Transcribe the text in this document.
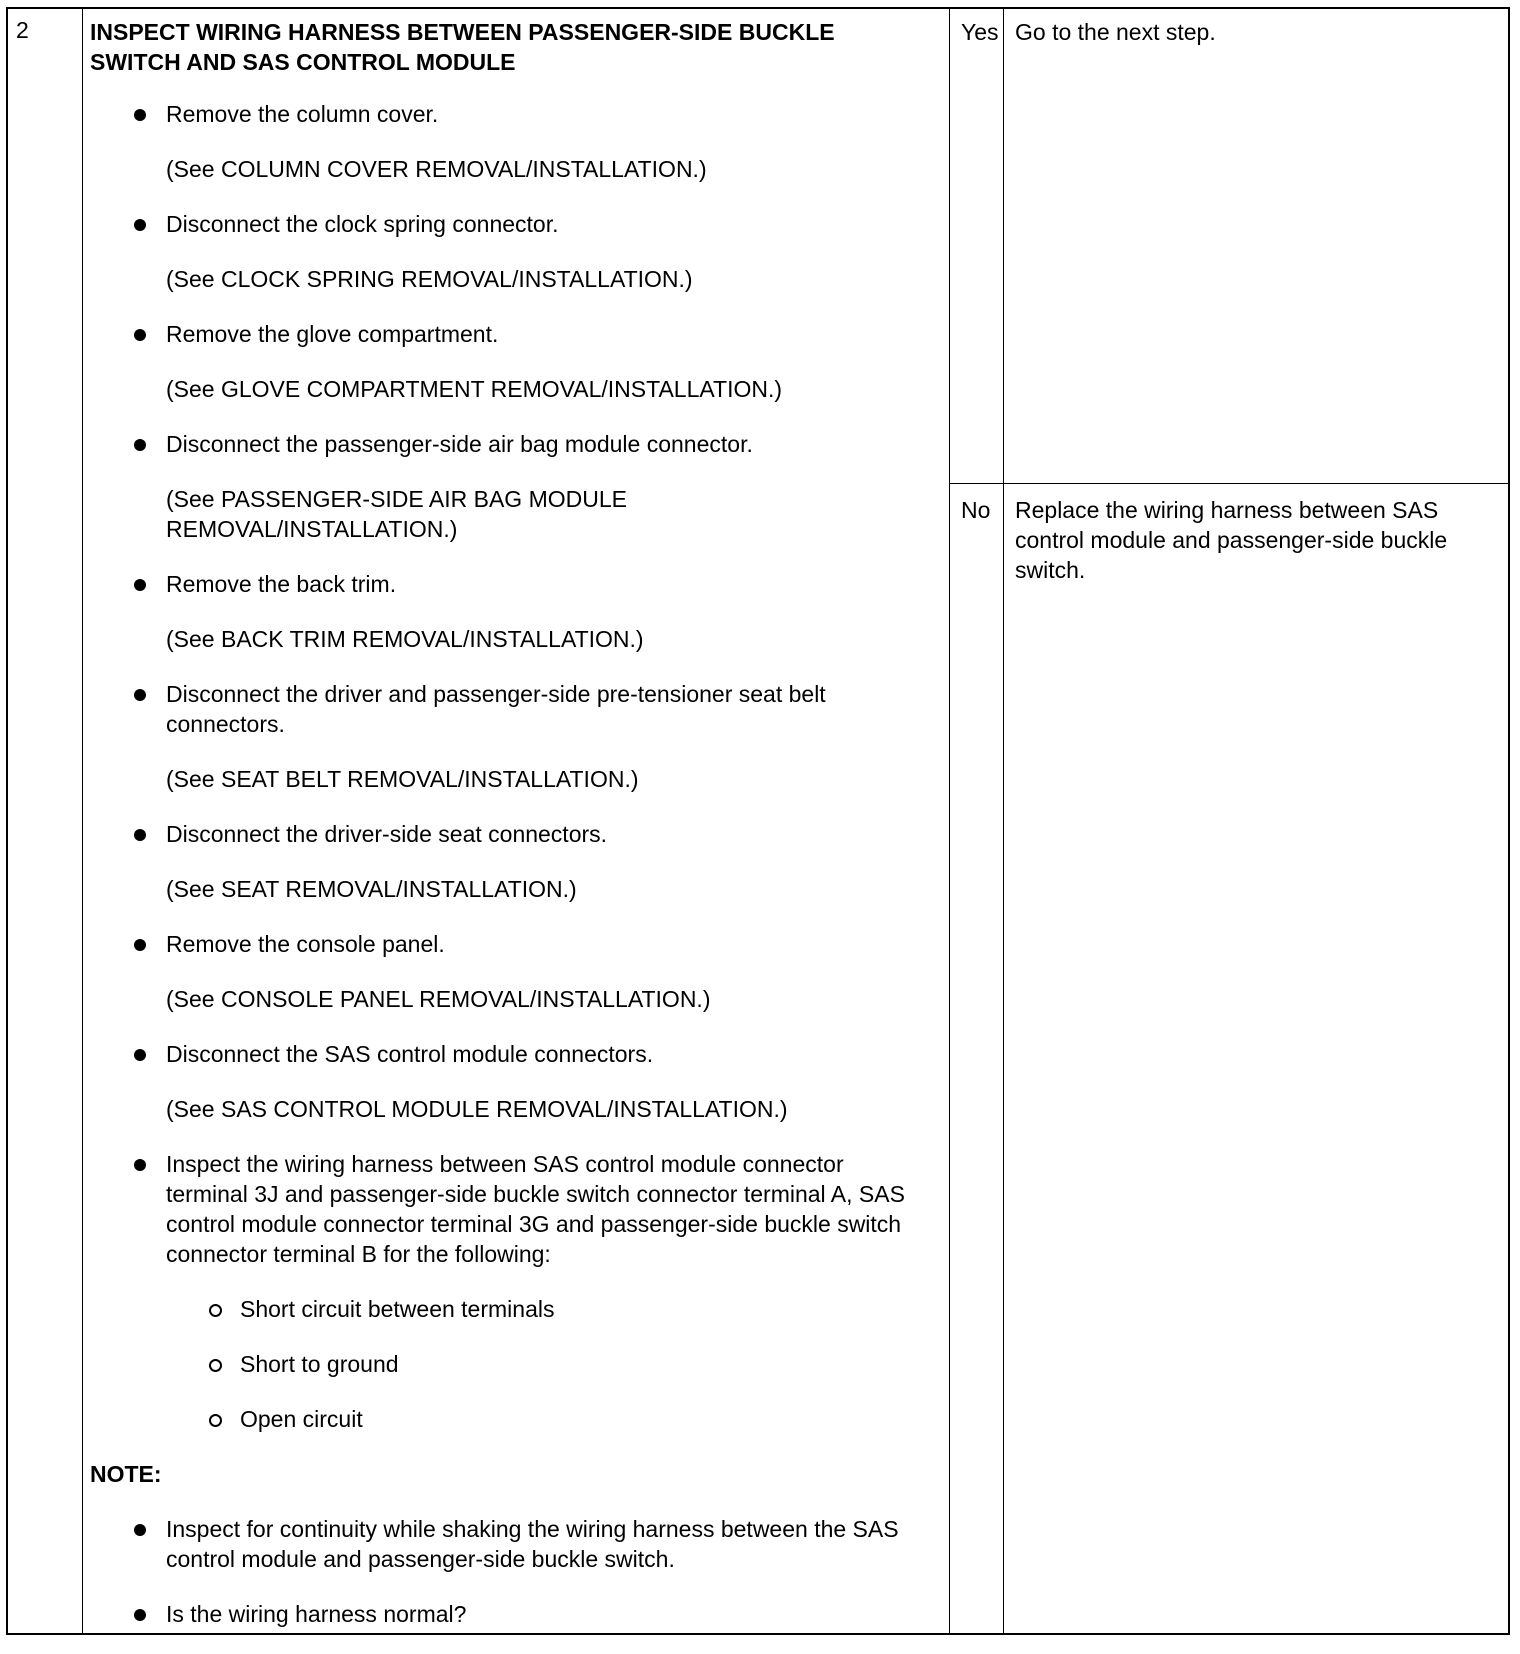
2	INSPECT WIRING HARNESS BETWEEN PASSENGER-SIDE BUCKLE SWITCH AND SAS CONTROL MODULE
Remove the column cover.
(See COLUMN COVER REMOVAL/INSTALLATION.)
Disconnect the clock spring connector.
(See CLOCK SPRING REMOVAL/INSTALLATION.)
Remove the glove compartment.
(See GLOVE COMPARTMENT REMOVAL/INSTALLATION.)
Disconnect the passenger-side air bag module connector.
(See PASSENGER-SIDE AIR BAG MODULE REMOVAL/INSTALLATION.)
Remove the back trim.
(See BACK TRIM REMOVAL/INSTALLATION.)
Disconnect the driver and passenger-side pre-tensioner seat belt connectors.
(See SEAT BELT REMOVAL/INSTALLATION.)
Disconnect the driver-side seat connectors.
(See SEAT REMOVAL/INSTALLATION.)
Remove the console panel.
(See CONSOLE PANEL REMOVAL/INSTALLATION.)
Disconnect the SAS control module connectors.
(See SAS CONTROL MODULE REMOVAL/INSTALLATION.)
Inspect the wiring harness between SAS control module connector terminal 3J and passenger-side buckle switch connector terminal A, SAS control module connector terminal 3G and passenger-side buckle switch connector terminal B for the following:
Short circuit between terminals
Short to ground
Open circuit
NOTE:
Inspect for continuity while shaking the wiring harness between the SAS control module and passenger-side buckle switch.
Is the wiring harness normal?
Yes Go to the next step.
No Replace the wiring harness between SAS control module and passenger-side buckle switch.
